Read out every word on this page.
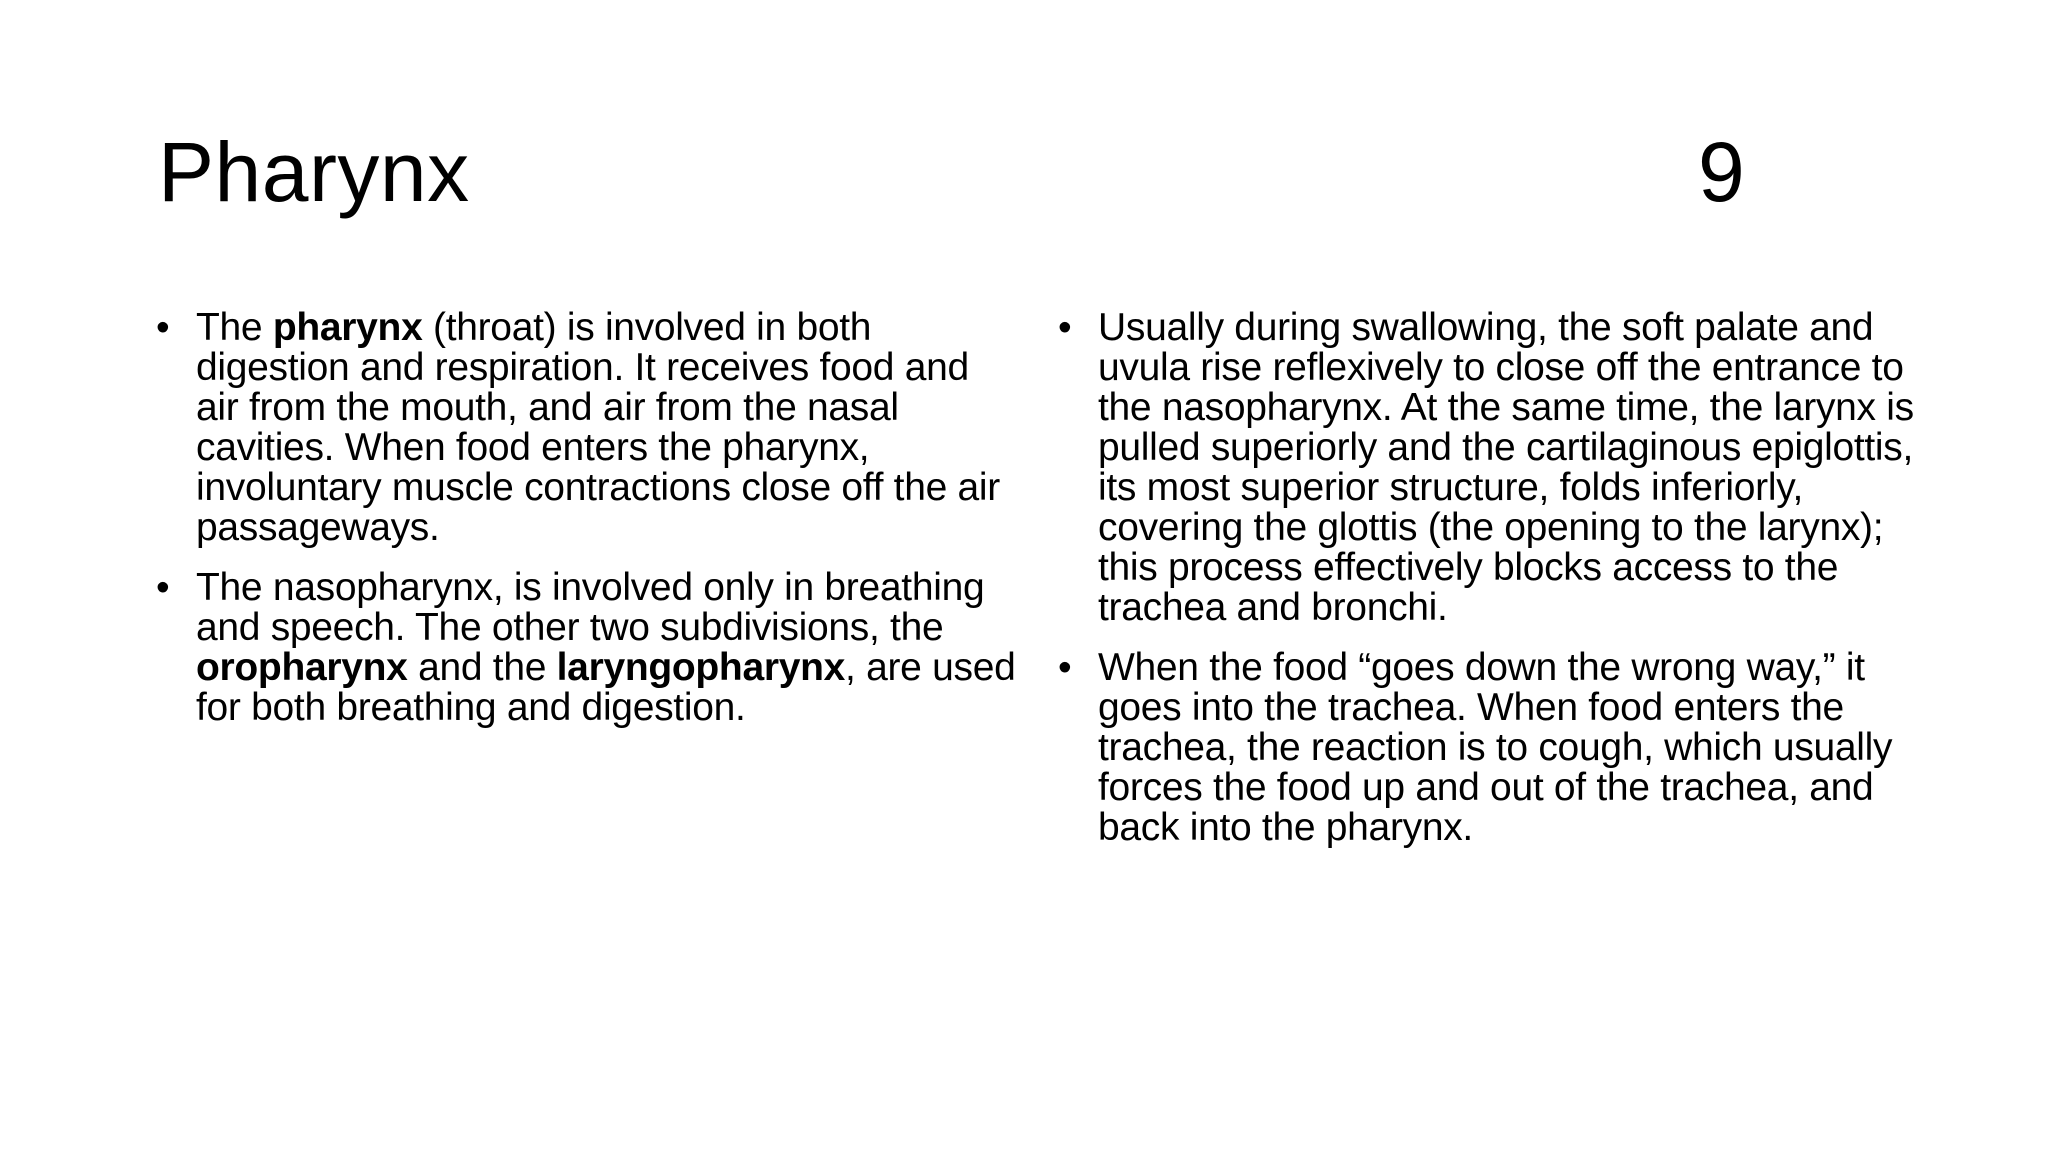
Pharynx	9
• The pharynx (throat) is involved in both digestion and respiration. It receives food and air from the mouth, and air from the nasal cavities. When food enters the pharynx, involuntary muscle contractions close off the air passageways.
• The nasopharynx, is involved only in breathing and speech. The other two subdivisions, the oropharynx and the laryngopharynx, are used for both breathing and digestion.
• Usually during swallowing, the soft palate and uvula rise reflexively to close off the entrance to the nasopharynx. At the same time, the larynx is pulled superiorly and the cartilaginous epiglottis, its most superior structure, folds inferiorly, covering the glottis (the opening to the larynx); this process effectively blocks access to the trachea and bronchi.
• When the food “goes down the wrong way,” it goes into the trachea. When food enters the trachea, the reaction is to cough, which usually forces the food up and out of the trachea, and back into the pharynx.
